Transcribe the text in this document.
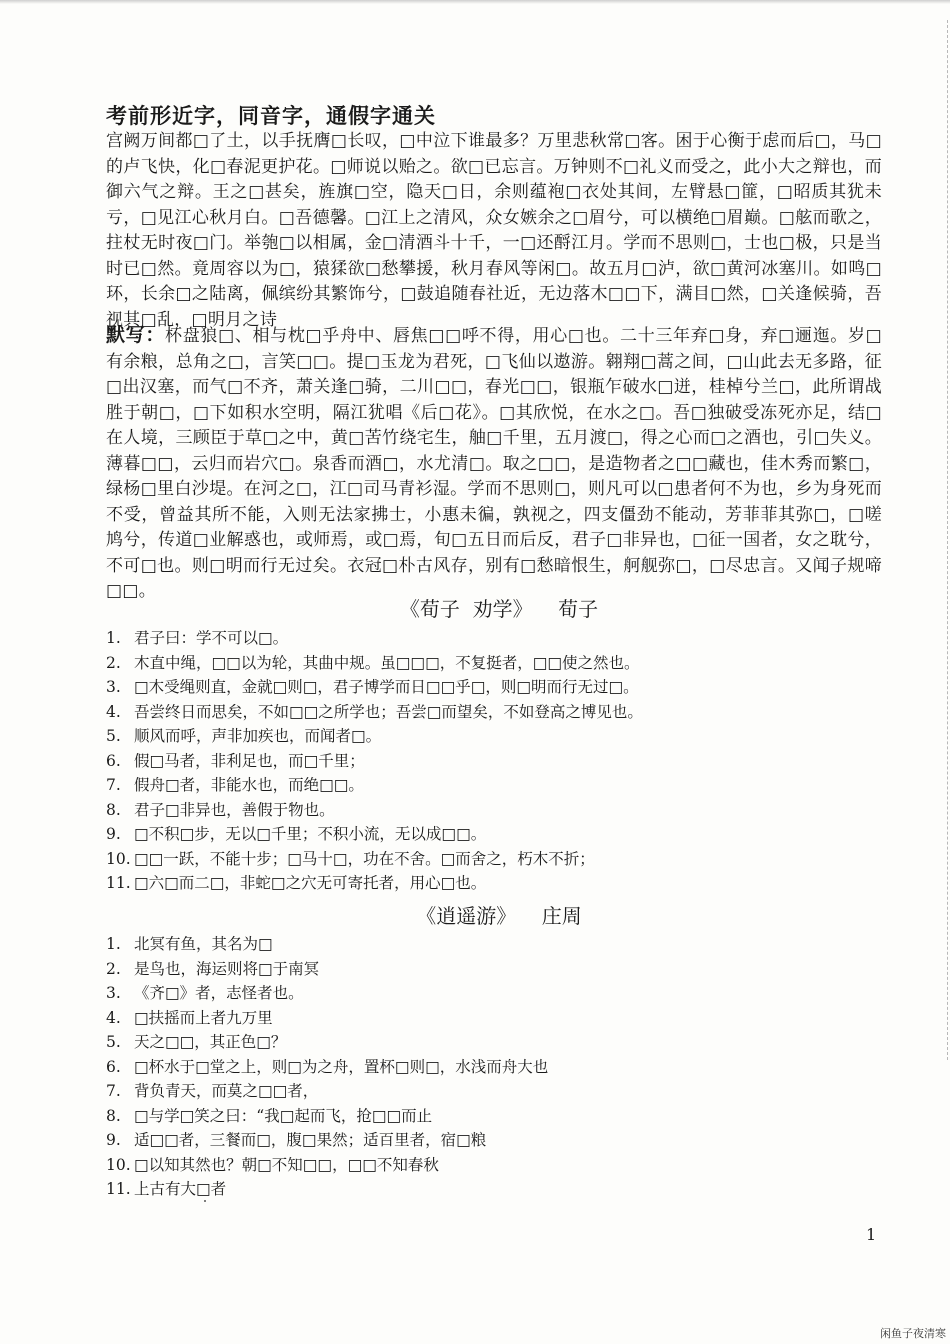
考前形近字，同音字，通假字通关

宫阙万间都□了土，以手抚膺□长叹，□中泣下谁最多？万里悲秋常□客。困于心衡于虑而后□，马□的卢飞快，化□春泥更护花。□师说以贻之。欲□已忘言。万钟则不□礼义而受之，此小大之辩也，而御六气之辩。王之□甚矣，旌旗□空，隐天□日，余则蕴袍□衣处其间，左臂悬□篚，□昭质其犹未亏，□见江心秋月白。□吾德馨。□江上之清风，众女嫉余之□眉兮，可以横绝□眉巅。□舷而歌之，拄杖无时夜□门。举匏□以相属，金□清酒斗十千，一□还酹江月。学而不思则□，士也□极，只是当时已□然。竟周容以为□，猿猱欲□愁攀援，秋月春风等闲□。故五月□泸，欲□黄河冰塞川。如鸣□环，长余□之陆离，佩缤纷其繁饰兮，□鼓追随春社近，无边落木□□下，满目□然，□关逢候骑，吾视其□乱，□明月之诗

默写：杯盘狼□、相与枕□乎舟中、唇焦□□呼不得，用心□也。二十三年弃□身，弃□逦迤。岁□有余粮，总角之□，言笑□□。提□玉龙为君死，□飞仙以遨游。翱翔□蒿之间，□山此去无多路，征□出汉塞，而气□不齐，萧关逢□骑，二川□□，春光□□，银瓶乍破水□迸，桂棹兮兰□，此所谓战胜于朝□，□下如积水空明，隔江犹唱《后□花》。□其欣悦，在水之□。吾□独破受冻死亦足，结□在人境，三顾臣于草□之中，黄□苦竹绕宅生，舳□千里，五月渡□，得之心而□之酒也，引□失义。薄暮□□，云归而岩穴□。泉香而酒□，水尤清□。取之□□，是造物者之□□藏也，佳木秀而繁□，绿杨□里白沙堤。在河之□，江□司马青衫湿。学而不思则□，则凡可以□患者何不为也，乡为身死而不受，曾益其所不能，入则无法家拂士，小惠未徧，孰视之，四支僵劲不能动，芳菲菲其弥□，□嗟鸠兮，传道□业解惑也，或师焉，或□焉，旬□五日而后反，君子□非异也，□征一国者，女之耽兮，不可□也。则□明而行无过矣。衣冠□朴古风存，别有□愁暗恨生，舸舰弥□，□尽忠言。又闻子规啼□□。

《荀子  劝学》    荀子
1. 君子曰：学不可以□。
2. 木直中绳，□□以为轮，其曲中规。虽□□□，不复挺者，□□使之然也。
3. □木受绳则直，金就□则□，君子博学而日□□乎□，则□明而行无过□。
4. 吾尝终日而思矣，不如□□之所学也；吾尝□而望矣，不如登高之博见也。
5. 顺风而呼，声非加疾也，而闻者□。
6. 假□马者，非利足也，而□千里；
7. 假舟□者，非能水也，而绝□□。
8. 君子□非异也，善假于物也。
9. □不积□步，无以□千里；不积小流，无以成□□。
10. □□一跃，不能十步；□马十□，功在不舍。□而舍之，朽木不折；
11. □六□而二□，非蛇□之穴无可寄托者，用心□也。
《逍遥游》    庄周
1. 北冥有鱼，其名为□
2. 是鸟也，海运则将□于南冥
3. 《齐□》者，志怪者也。
4. □扶摇而上者九万里
5. 天之□□，其正色□？
6. □杯水于□堂之上，则□为之舟，置杯□则□，水浅而舟大也
7. 背负青天，而莫之□□者，
8. □与学□笑之曰：“我□起而飞，抢□□而止
9. 适□□者，三餐而□，腹□果然；适百里者，宿□粮
10. □以知其然也？朝□不知□□，□□不知春秋
11. 上古有大□者
1
闲鱼子夜清寒
